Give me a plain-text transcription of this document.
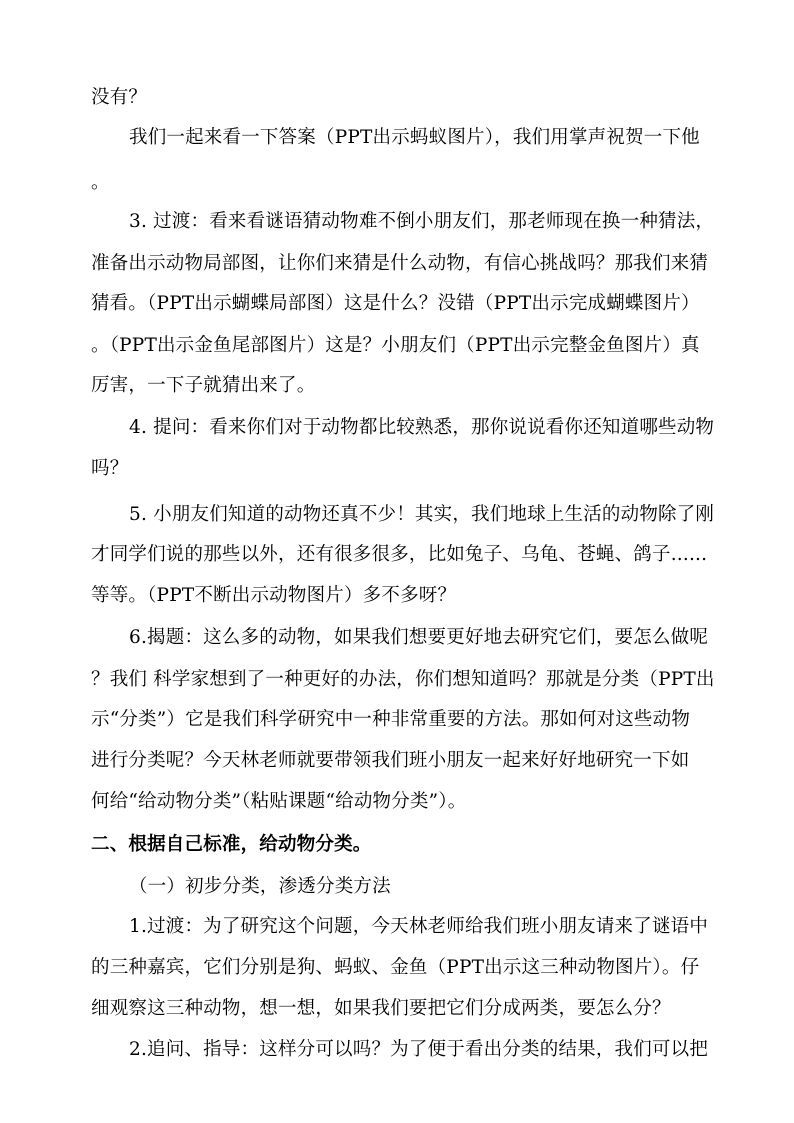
没有？
我们一起来看一下答案（PPT出示蚂蚁图片），我们用掌声祝贺一下他
。
3. 过渡：看来看谜语猜动物难不倒小朋友们，那老师现在换一种猜法，
准备出示动物局部图，让你们来猜是什么动物，有信心挑战吗？那我们来猜
猜看。（PPT出示蝴蝶局部图）这是什么？没错（PPT出示完成蝴蝶图片）
。（PPT出示金鱼尾部图片）这是？小朋友们（PPT出示完整金鱼图片）真
厉害，一下子就猜出来了。
4. 提问：看来你们对于动物都比较熟悉，那你说说看你还知道哪些动物
吗？
5. 小朋友们知道的动物还真不少！其实，我们地球上生活的动物除了刚
才同学们说的那些以外，还有很多很多，比如兔子、乌龟、苍蝇、鸽子......
等等。（PPT不断出示动物图片）多不多呀？
6.揭题：这么多的动物，如果我们想要更好地去研究它们，要怎么做呢
？我们 科学家想到了一种更好的办法，你们想知道吗？那就是分类（PPT出
示“分类”）它是我们科学研究中一种非常重要的方法。那如何对这些动物
进行分类呢？今天林老师就要带领我们班小朋友一起来好好地研究一下如
何给“给动物分类”（粘贴课题“给动物分类”）。
二、根据自己标准，给动物分类。
（一）初步分类，渗透分类方法
1.过渡：为了研究这个问题，今天林老师给我们班小朋友请来了谜语中
的三种嘉宾，它们分别是狗、蚂蚁、金鱼（PPT出示这三种动物图片）。仔
细观察这三种动物，想一想，如果我们要把它们分成两类，要怎么分？
2.追问、指导：这样分可以吗？为了便于看出分类的结果，我们可以把
